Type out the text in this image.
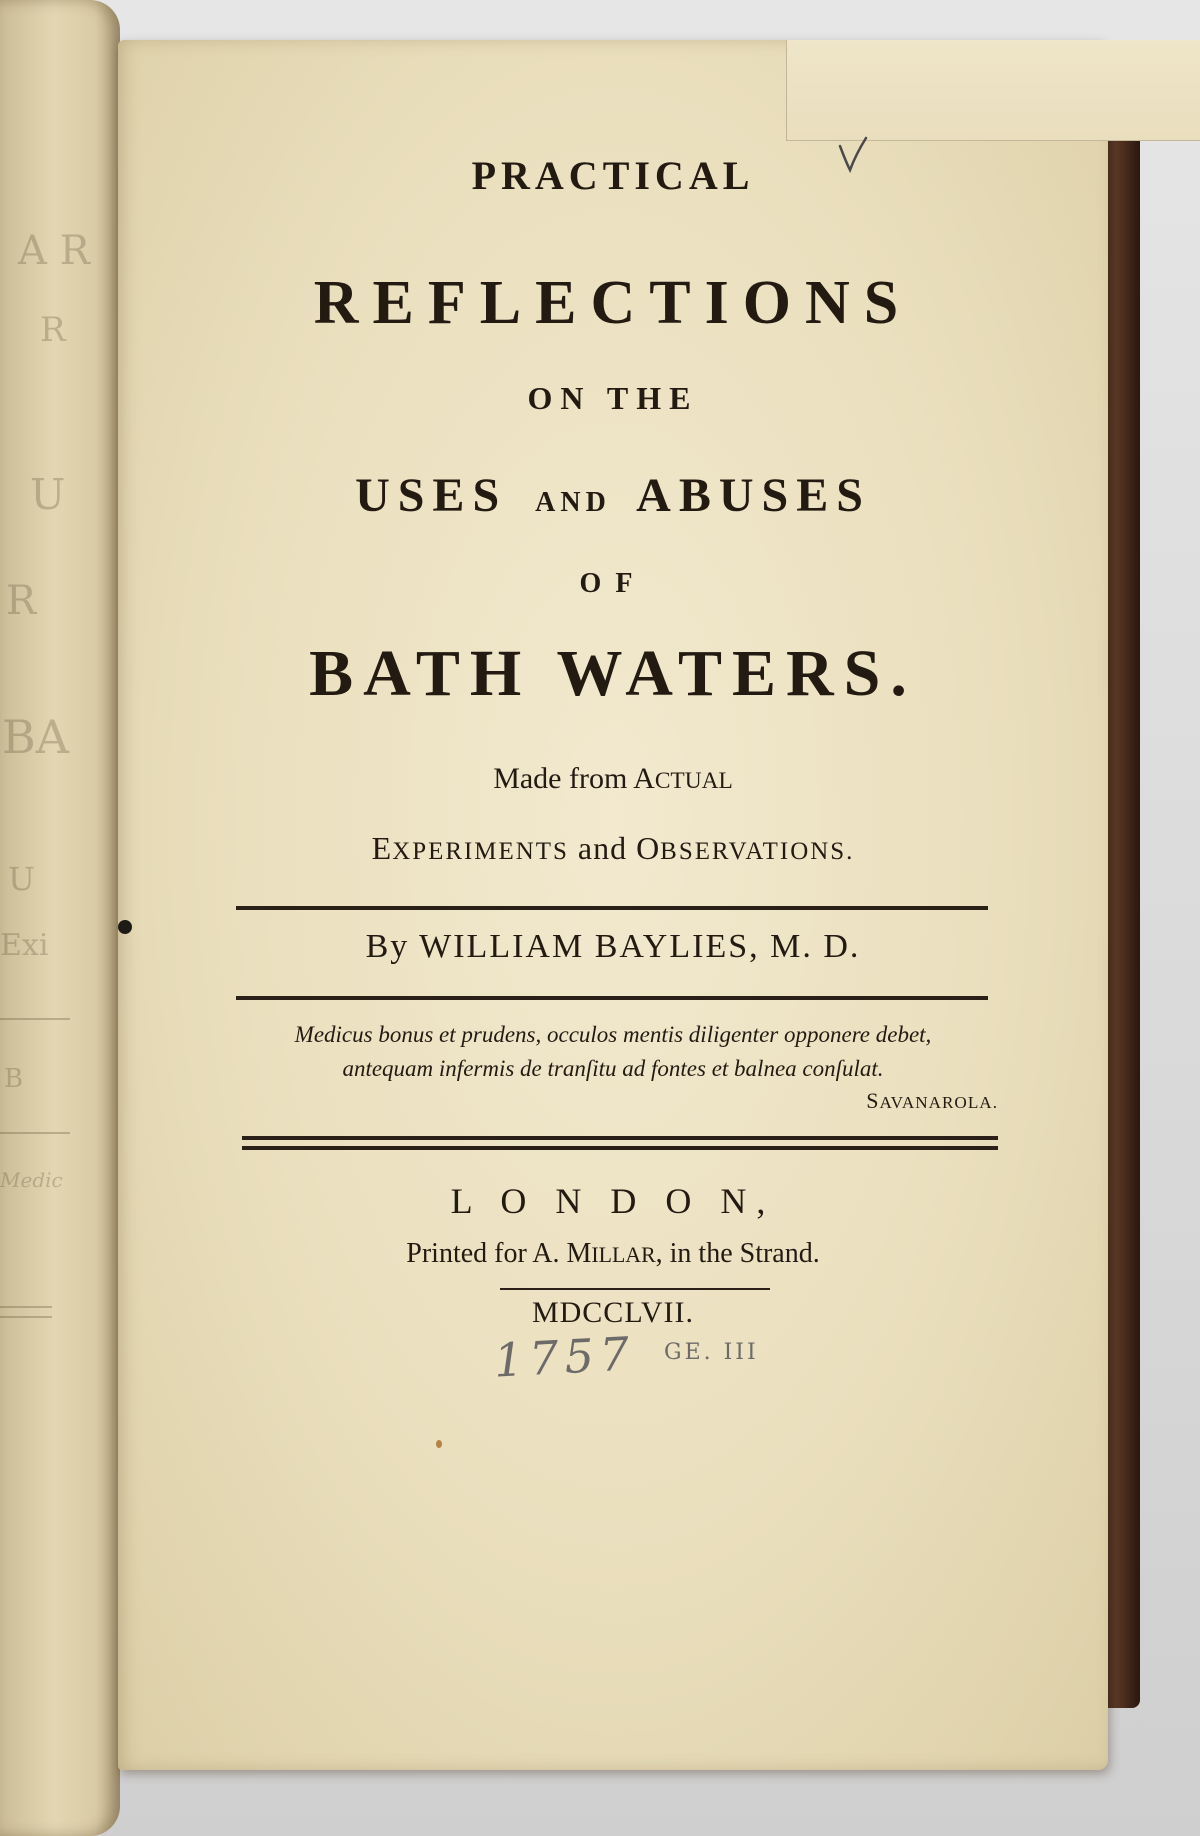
A R
R
U
R
BA
U
Exi
B
Medic
PRACTICAL
REFLECTIONS
ON THE
USES AND ABUSES
OF
BATH WATERS.
Made from ACTUAL
EXPERIMENTS and OBSERVATIONS.
By WILLIAM BAYLIES, M. D.
Medicus bonus et prudens, occulos mentis diligenter opponere debet,
antequam infermis de tranſitu ad fontes et balnea conſulat.
SAVANAROLA.
L O N D O N,
Printed for A. MILLAR, in the Strand.
MDCCLVII.
1757 GE. III
